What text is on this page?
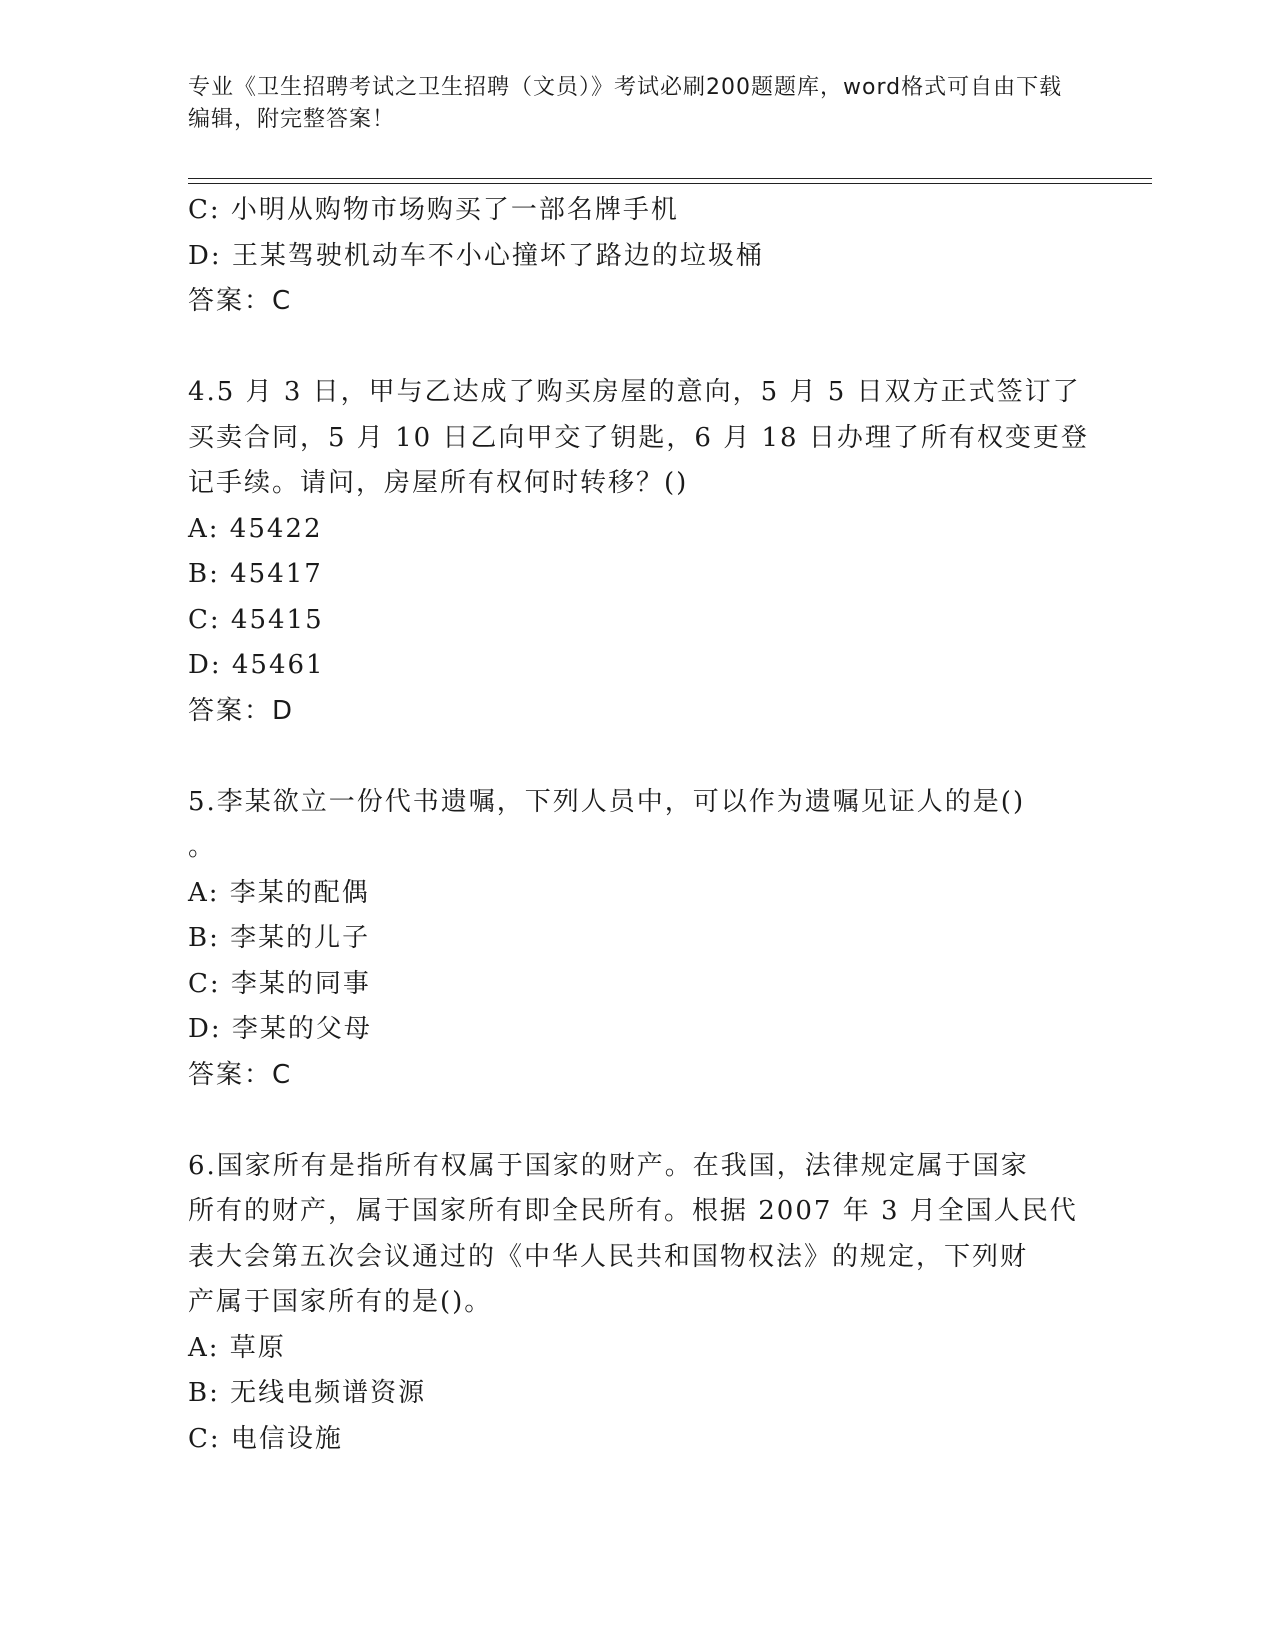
专业《卫生招聘考试之卫生招聘（文员）》考试必刷200题题库，word格式可自由下载编辑，附完整答案！
C: 小明从购物市场购买了一部名牌手机
D: 王某驾驶机动车不小心撞坏了路边的垃圾桶
答案：C
4.5 月 3 日，甲与乙达成了购买房屋的意向，5 月 5 日双方正式签订了
买卖合同，5 月 10 日乙向甲交了钥匙，6 月 18 日办理了所有权变更登
记手续。请问，房屋所有权何时转移？()
A: 45422
B: 45417
C: 45415
D: 45461
答案：D
5.李某欲立一份代书遗嘱，下列人员中，可以作为遗嘱见证人的是()
。
A: 李某的配偶
B: 李某的儿子
C: 李某的同事
D: 李某的父母
答案：C
6.国家所有是指所有权属于国家的财产。在我国，法律规定属于国家
所有的财产，属于国家所有即全民所有。根据 2007 年 3 月全国人民代
表大会第五次会议通过的《中华人民共和国物权法》的规定，下列财
产属于国家所有的是()。
A: 草原
B: 无线电频谱资源
C: 电信设施
